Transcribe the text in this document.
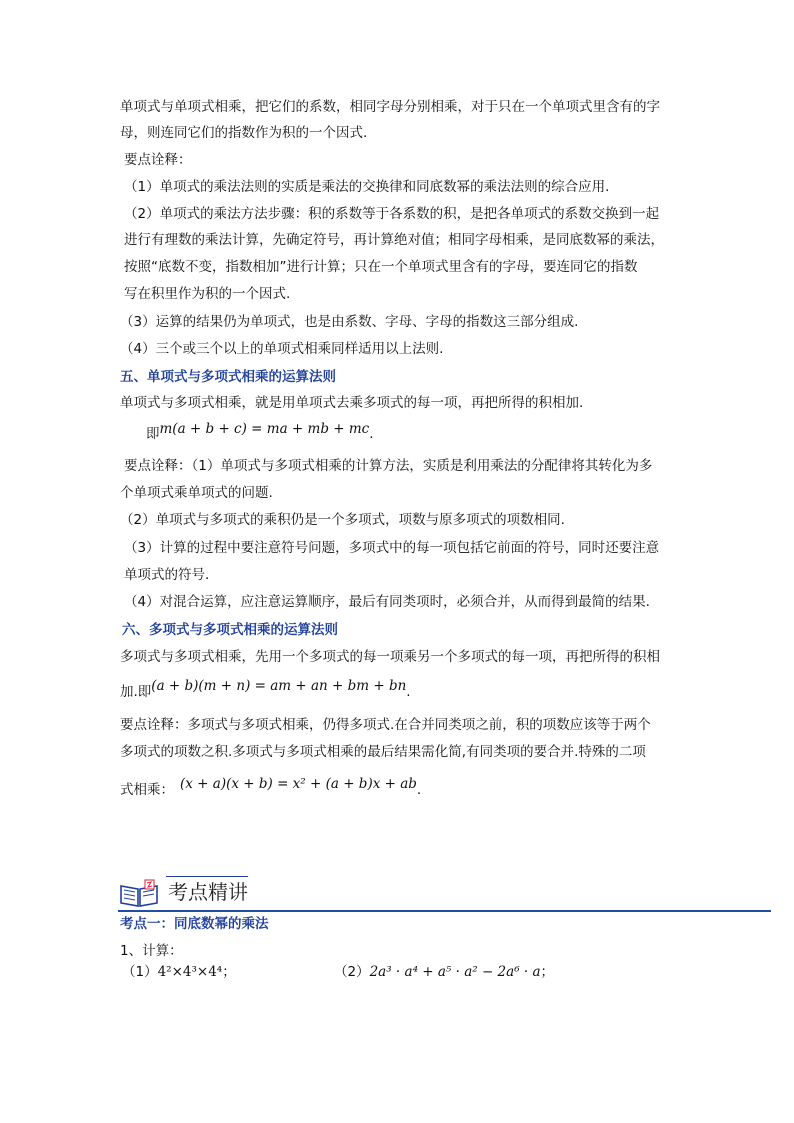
单项式与单项式相乘，把它们的系数，相同字母分别相乘，对于只在一个单项式里含有的字
母，则连同它们的指数作为积的一个因式.
要点诠释：
（1）单项式的乘法法则的实质是乘法的交换律和同底数幂的乘法法则的综合应用.
（2）单项式的乘法方法步骤：积的系数等于各系数的积，是把各单项式的系数交换到一起
进行有理数的乘法计算，先确定符号，再计算绝对值；相同字母相乘，是同底数幂的乘法，
按照“底数不变，指数相加”进行计算；只在一个单项式里含有的字母，要连同它的指数
写在积里作为积的一个因式.
（3）运算的结果仍为单项式，也是由系数、字母、字母的指数这三部分组成.
（4）三个或三个以上的单项式相乘同样适用以上法则.
五、单项式与多项式相乘的运算法则
单项式与多项式相乘，就是用单项式去乘多项式的每一项，再把所得的积相加.
即m(a + b + c) = ma + mb + mc.
要点诠释：（1）单项式与多项式相乘的计算方法，实质是利用乘法的分配律将其转化为多
个单项式乘单项式的问题.
（2）单项式与多项式的乘积仍是一个多项式，项数与原多项式的项数相同.
（3）计算的过程中要注意符号问题，多项式中的每一项包括它前面的符号，同时还要注意
单项式的符号.
（4）对混合运算，应注意运算顺序，最后有同类项时，必须合并，从而得到最简的结果.
六、多项式与多项式相乘的运算法则
多项式与多项式相乘，先用一个多项式的每一项乘另一个多项式的每一项，再把所得的积相
加.即(a + b)(m + n) = am + an + bm + bn.
要点诠释：多项式与多项式相乘，仍得多项式.在合并同类项之前，积的项数应该等于两个
多项式的项数之积.多项式与多项式相乘的最后结果需化简,有同类项的要合并.特殊的二项
式相乘： (x + a)(x + b) = x² + (a + b)x + ab.
考点精讲
考点一：同底数幂的乘法
1、计算：
（1）4²×4³×4⁴；	（2）2a³ · a⁴ + a⁵ · a² − 2a⁶ · a；
